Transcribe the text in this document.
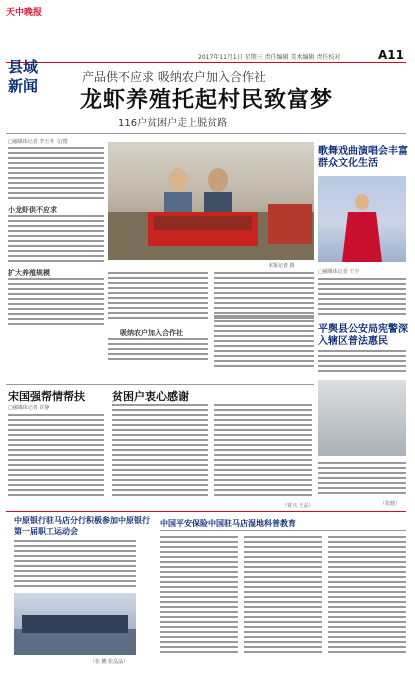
天中晚报
2017年11月1日 星期三 责任编辑 美术编辑 责任校对	A11
县域
新闻	产品供不应求 吸纳农户加入合作社
龙虾养殖托起村民致富梦
116户贫困户走上脱贫路
□融媒体记者 李玉冬 文/图
小龙虾供不应求
扩大养殖规模
本报记者 摄
吸纳农户加入合作社
歌舞戏曲演唱会丰富群众文化生活
□融媒体记者 王宇
平舆县公安局宪警深入辖区普法惠民
（张健）
宋国强帮情帮扶 贫困户衷心感谢
□融媒体记者 许静
（贾兴 王晶）
中原银行驻马店分行积极参加中原银行第一届职工运动会
（张 鹏 张晶晶）
中国平安保险中国驻马店湿地科普教育
